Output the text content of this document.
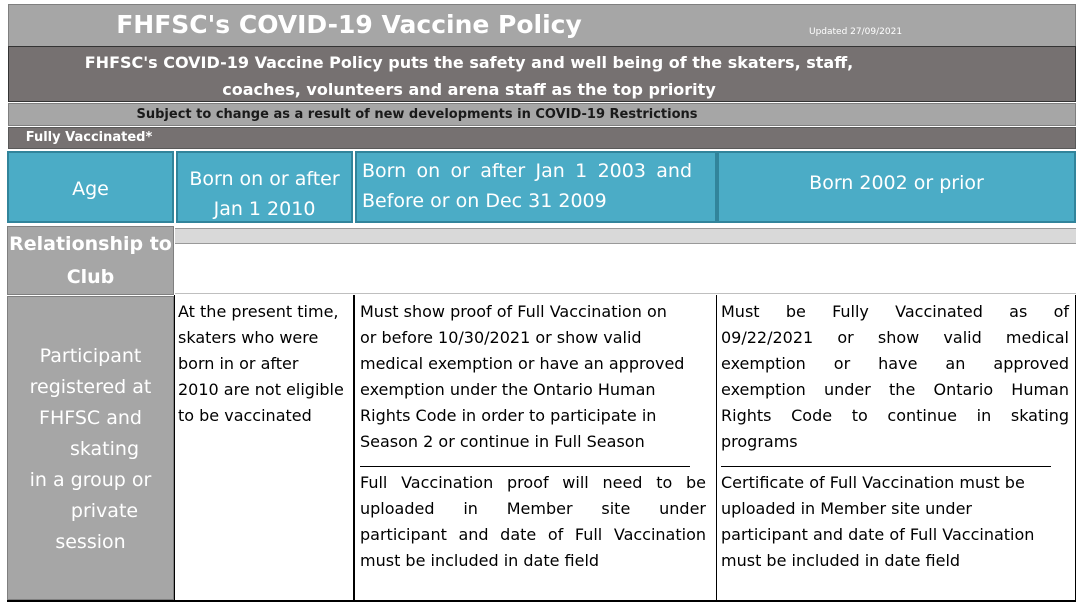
FHFSC's COVID-19 Vaccine Policy	Updated 27/09/2021
FHFSC's COVID-19 Vaccine Policy puts the safety and well being of the skaters, staff,
coaches, volunteers and arena staff as the top priority
Subject to change as a result of new developments in COVID-19 Restrictions
Fully Vaccinated*
Age	Born on or after
Jan 1 2010
Born on or after Jan 1 2003 and
Before or on Dec 31 2009
Born 2002 or prior
Relationship to
Club
Participant
registered at
FHFSC and
skating
in a group or
private
session
At the present time,
skaters who were
born in or after
2010 are not eligible
to be vaccinated
Must show proof of Full Vaccination on
or before 10/30/2021 or show valid
medical exemption or have an approved
exemption under the Ontario Human
Rights Code in order to participate in
Season 2 or continue in Full Season
Full Vaccination proof will need to be
uploaded in Member site under
participant and date of Full Vaccination
must be included in date field
Must be Fully Vaccinated as of
09/22/2021 or show valid medical
exemption or have an approved
exemption under the Ontario Human
Rights Code to continue in skating
programs
Certificate of Full Vaccination must be
uploaded in Member site under
participant and date of Full Vaccination
must be included in date field
